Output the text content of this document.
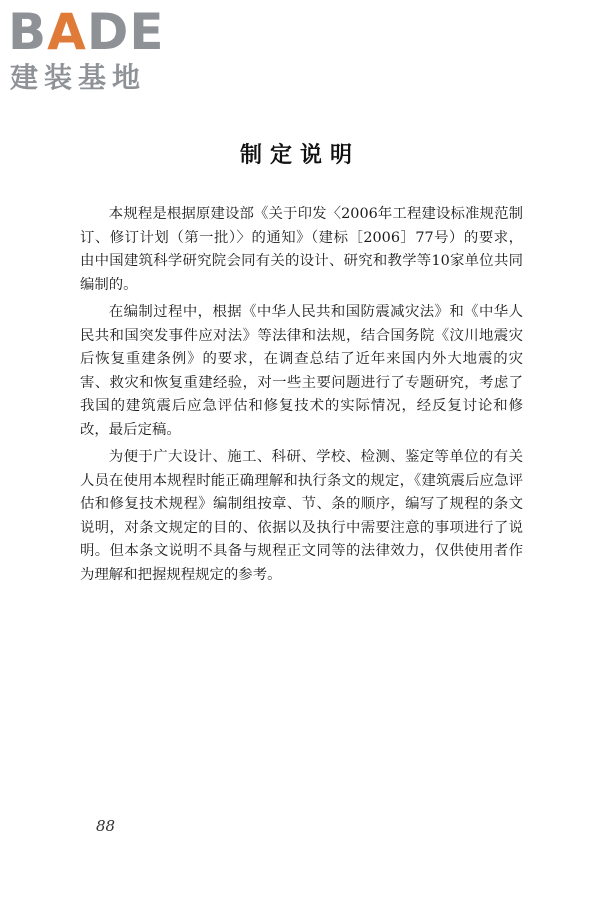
BADE
建装基地
制定说明

本规程是根据原建设部《关于印发〈2006年工程建设标准规范制订、修订计划（第一批）〉的通知》（建标［2006］77号）的要求，由中国建筑科学研究院会同有关的设计、研究和教学等10家单位共同编制的。

在编制过程中，根据《中华人民共和国防震减灾法》和《中华人民共和国突发事件应对法》等法律和法规，结合国务院《汶川地震灾后恢复重建条例》的要求，在调查总结了近年来国内外大地震的灾害、救灾和恢复重建经验，对一些主要问题进行了专题研究，考虑了我国的建筑震后应急评估和修复技术的实际情况，经反复讨论和修改，最后定稿。

为便于广大设计、施工、科研、学校、检测、鉴定等单位的有关人员在使用本规程时能正确理解和执行条文的规定，《建筑震后应急评估和修复技术规程》编制组按章、节、条的顺序，编写了规程的条文说明，对条文规定的目的、依据以及执行中需要注意的事项进行了说明。但本条文说明不具备与规程正文同等的法律效力，仅供使用者作为理解和把握规程规定的参考。

88
